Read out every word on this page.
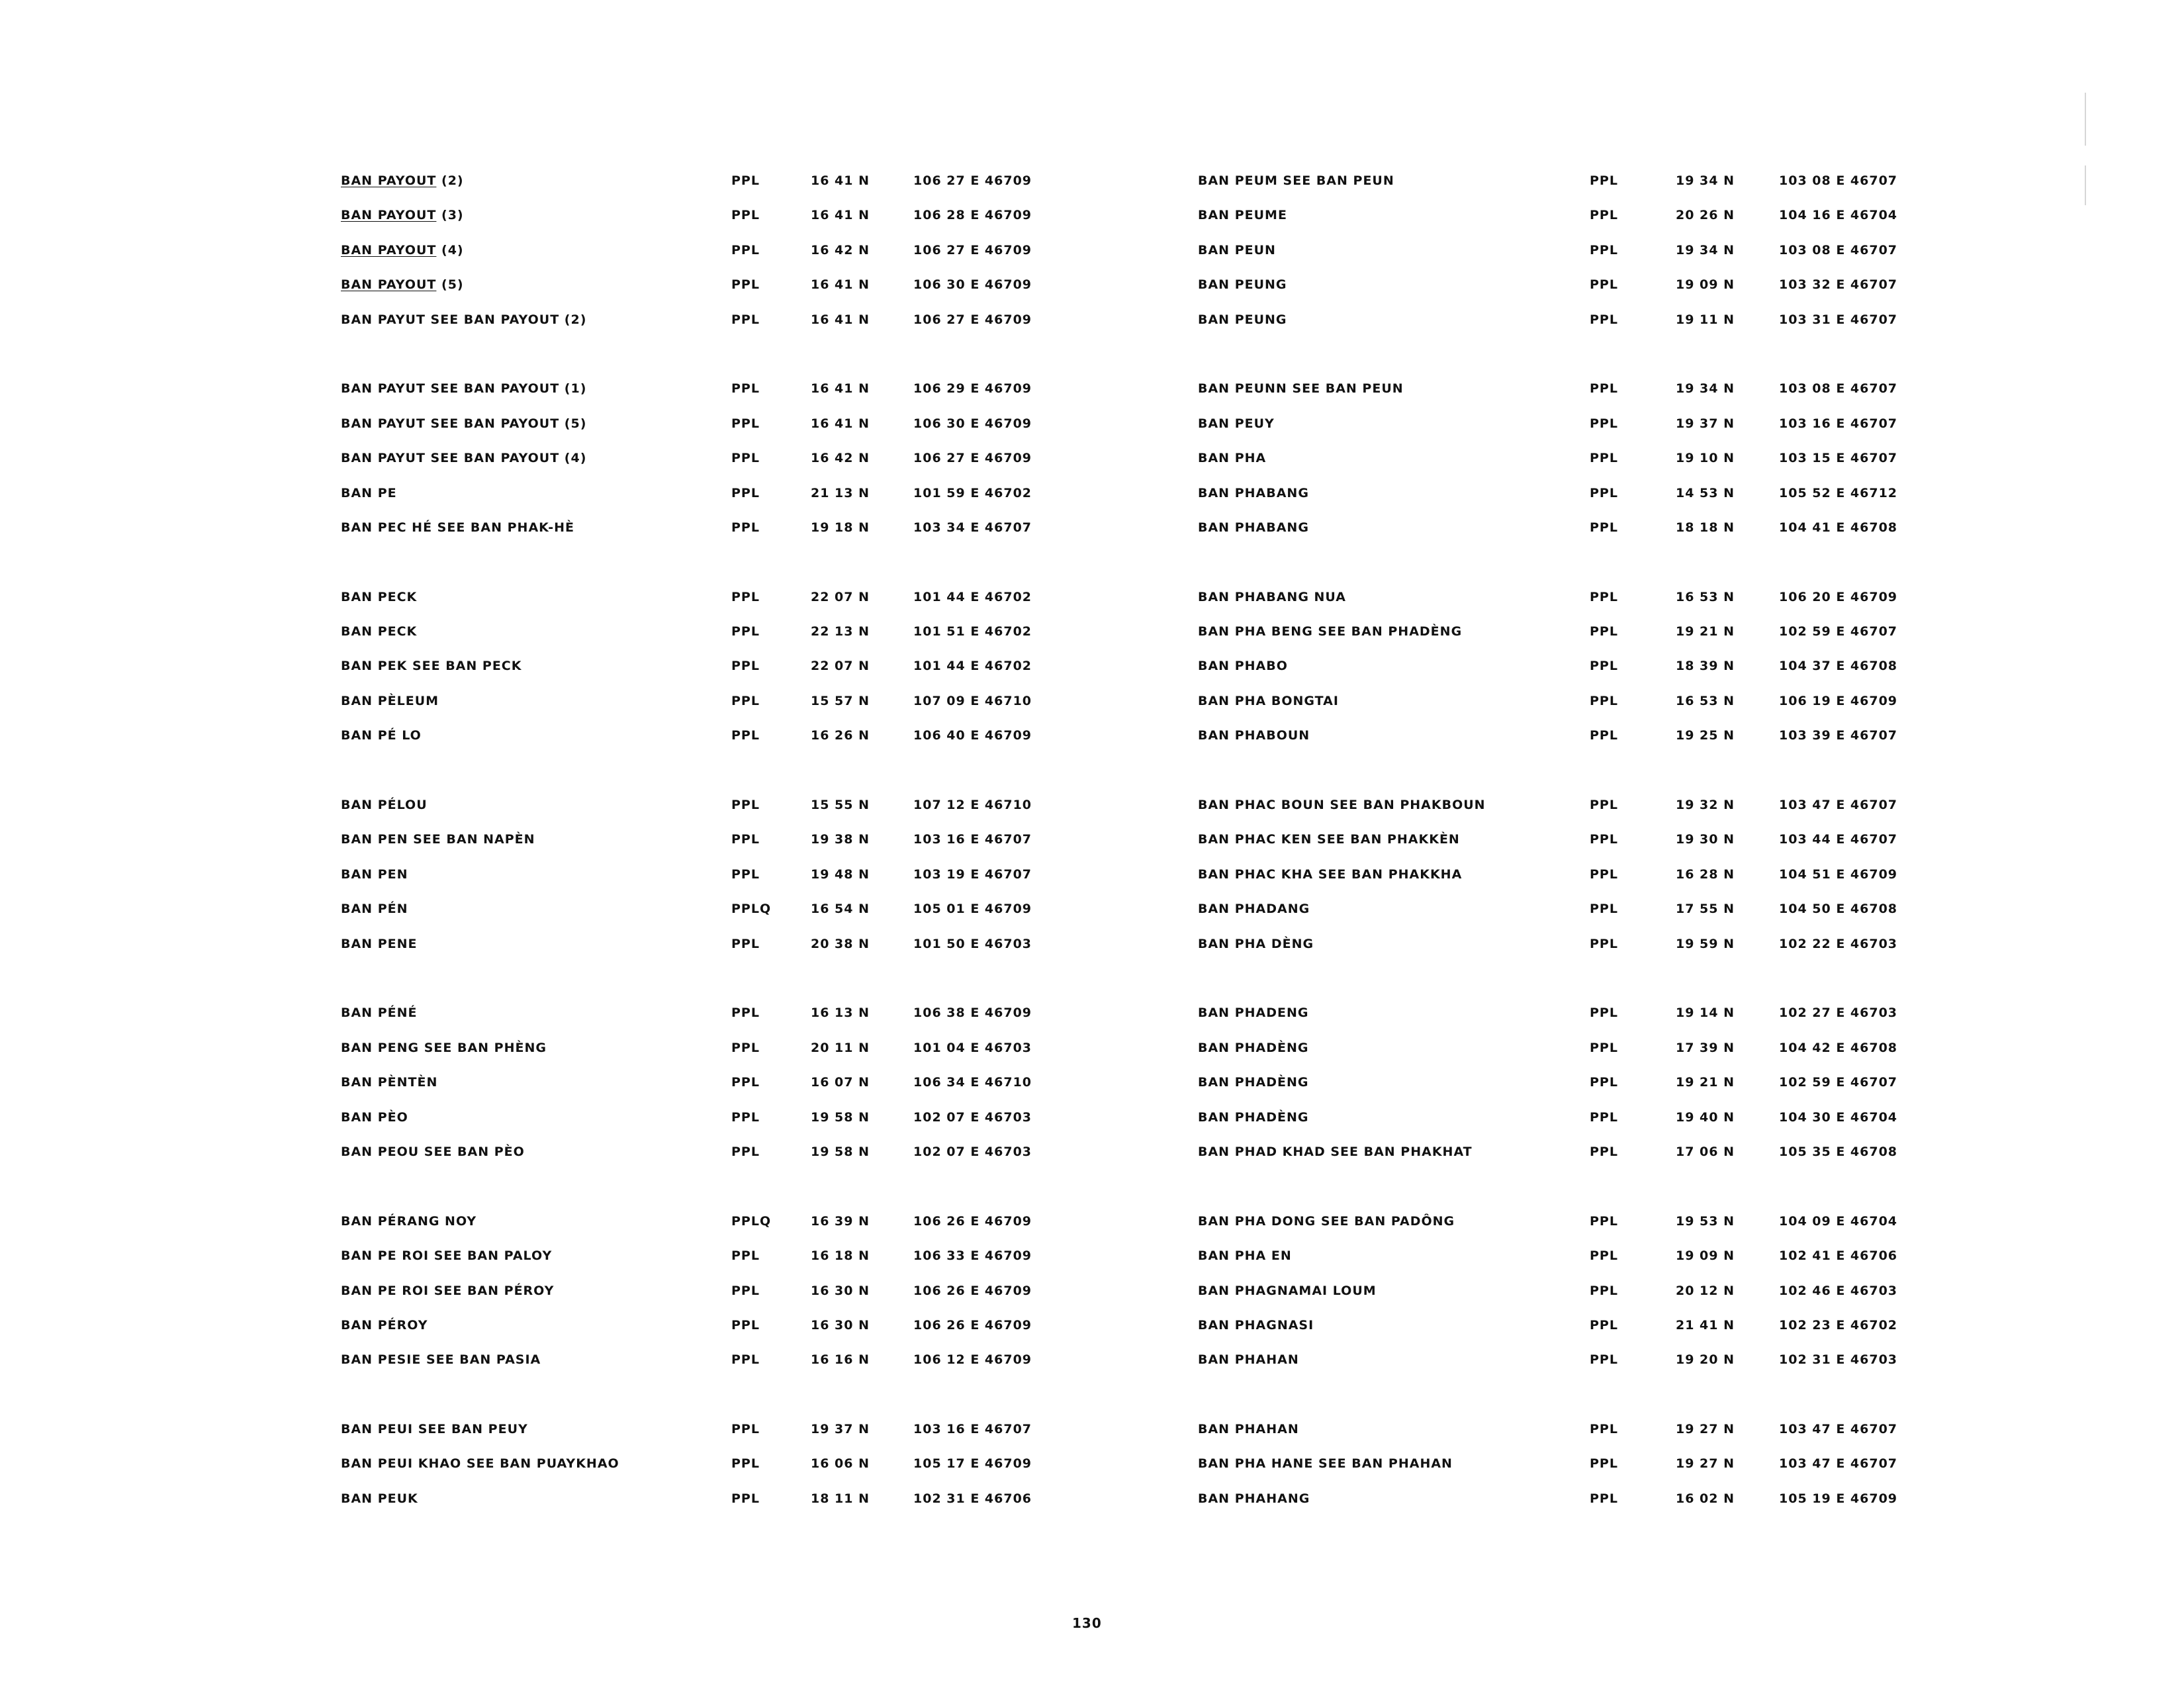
BAN PAYOUT (2)	PPL	16 41 N	106 27 E 46709
BAN PAYOUT (3)	PPL	16 41 N	106 28 E 46709
BAN PAYOUT (4)	PPL	16 42 N	106 27 E 46709
BAN PAYOUT (5)	PPL	16 41 N	106 30 E 46709
BAN PAYUT SEE BAN PAYOUT (2)	PPL	16 41 N	106 27 E 46709
BAN PAYUT SEE BAN PAYOUT (1)	PPL	16 41 N	106 29 E 46709
BAN PAYUT SEE BAN PAYOUT (5)	PPL	16 41 N	106 30 E 46709
BAN PAYUT SEE BAN PAYOUT (4)	PPL	16 42 N	106 27 E 46709
BAN PE	PPL	21 13 N	101 59 E 46702
BAN PEC HÉ SEE BAN PHAK-HÈ	PPL	19 18 N	103 34 E 46707
BAN PECK	PPL	22 07 N	101 44 E 46702
BAN PECK	PPL	22 13 N	101 51 E 46702
BAN PEK SEE BAN PECK	PPL	22 07 N	101 44 E 46702
BAN PÈLEUM	PPL	15 57 N	107 09 E 46710
BAN PÉ LO	PPL	16 26 N	106 40 E 46709
BAN PÉLOU	PPL	15 55 N	107 12 E 46710
BAN PEN SEE BAN NAPÈN	PPL	19 38 N	103 16 E 46707
BAN PEN	PPL	19 48 N	103 19 E 46707
BAN PÉN	PPLQ	16 54 N	105 01 E 46709
BAN PENE	PPL	20 38 N	101 50 E 46703
BAN PÉNÉ	PPL	16 13 N	106 38 E 46709
BAN PENG SEE BAN PHÈNG	PPL	20 11 N	101 04 E 46703
BAN PÈNTÈN	PPL	16 07 N	106 34 E 46710
BAN PÈO	PPL	19 58 N	102 07 E 46703
BAN PEOU SEE BAN PÈO	PPL	19 58 N	102 07 E 46703
BAN PÉRANG NOY	PPLQ	16 39 N	106 26 E 46709
BAN PE ROI SEE BAN PALOY	PPL	16 18 N	106 33 E 46709
BAN PE ROI SEE BAN PÉROY	PPL	16 30 N	106 26 E 46709
BAN PÉROY	PPL	16 30 N	106 26 E 46709
BAN PESIE SEE BAN PASIA	PPL	16 16 N	106 12 E 46709
BAN PEUI SEE BAN PEUY	PPL	19 37 N	103 16 E 46707
BAN PEUI KHAO SEE BAN PUAYKHAO	PPL	16 06 N	105 17 E 46709
BAN PEUK	PPL	18 11 N	102 31 E 46706
BAN PEUM SEE BAN PEUN	PPL	19 34 N	103 08 E 46707
BAN PEUME	PPL	20 26 N	104 16 E 46704
BAN PEUN	PPL	19 34 N	103 08 E 46707
BAN PEUNG	PPL	19 09 N	103 32 E 46707
BAN PEUNG	PPL	19 11 N	103 31 E 46707
BAN PEUNN SEE BAN PEUN	PPL	19 34 N	103 08 E 46707
BAN PEUY	PPL	19 37 N	103 16 E 46707
BAN PHA	PPL	19 10 N	103 15 E 46707
BAN PHABANG	PPL	14 53 N	105 52 E 46712
BAN PHABANG	PPL	18 18 N	104 41 E 46708
BAN PHABANG NUA	PPL	16 53 N	106 20 E 46709
BAN PHA BENG SEE BAN PHADÈNG	PPL	19 21 N	102 59 E 46707
BAN PHABO	PPL	18 39 N	104 37 E 46708
BAN PHA BONGTAI	PPL	16 53 N	106 19 E 46709
BAN PHABOUN	PPL	19 25 N	103 39 E 46707
BAN PHAC BOUN SEE BAN PHAKBOUN	PPL	19 32 N	103 47 E 46707
BAN PHAC KEN SEE BAN PHAKKÈN	PPL	19 30 N	103 44 E 46707
BAN PHAC KHA SEE BAN PHAKKHA	PPL	16 28 N	104 51 E 46709
BAN PHADANG	PPL	17 55 N	104 50 E 46708
BAN PHA DÈNG	PPL	19 59 N	102 22 E 46703
BAN PHADENG	PPL	19 14 N	102 27 E 46703
BAN PHADÈNG	PPL	17 39 N	104 42 E 46708
BAN PHADÈNG	PPL	19 21 N	102 59 E 46707
BAN PHADÈNG	PPL	19 40 N	104 30 E 46704
BAN PHAD KHAD SEE BAN PHAKHAT	PPL	17 06 N	105 35 E 46708
BAN PHA DONG SEE BAN PADÔNG	PPL	19 53 N	104 09 E 46704
BAN PHA EN	PPL	19 09 N	102 41 E 46706
BAN PHAGNAMAI LOUM	PPL	20 12 N	102 46 E 46703
BAN PHAGNASI	PPL	21 41 N	102 23 E 46702
BAN PHAHAN	PPL	19 20 N	102 31 E 46703
BAN PHAHAN	PPL	19 27 N	103 47 E 46707
BAN PHA HANE SEE BAN PHAHAN	PPL	19 27 N	103 47 E 46707
BAN PHAHANG	PPL	16 02 N	105 19 E 46709
130
